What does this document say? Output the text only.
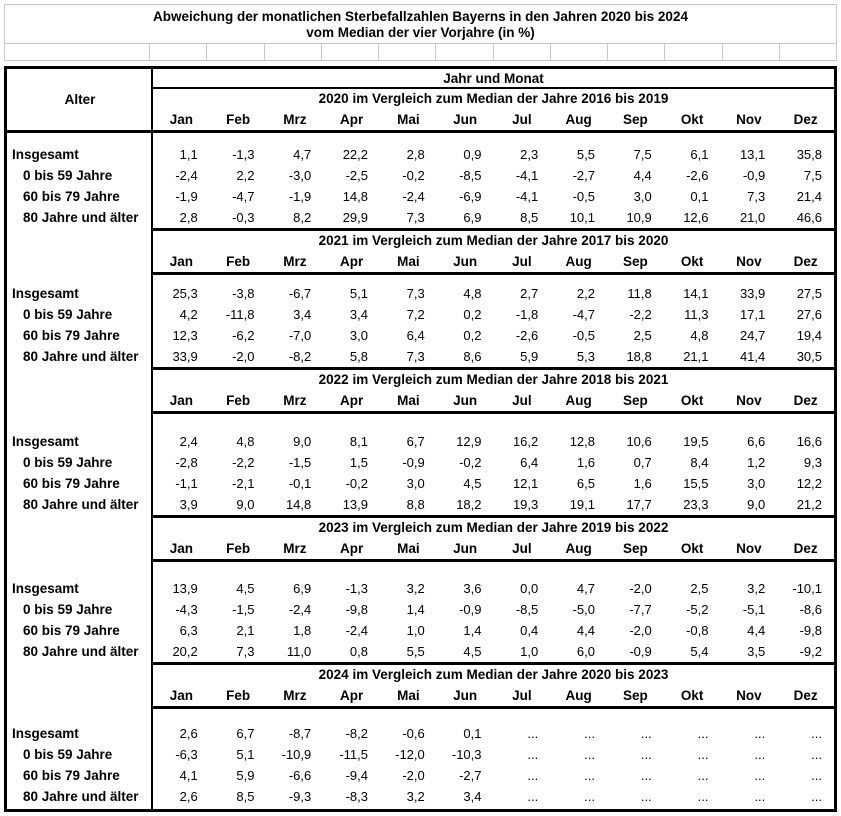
Abweichung der monatlichen Sterbefallzahlen Bayerns in den Jahren 2020 bis 2024
vom Median der vier Vorjahre (in %)
Alter
Jahr und Monat
2020 im Vergleich zum Median der Jahre 2016 bis 2019
Jan	Feb	Mrz	Apr	Mai	Jun	Jul	Aug	Sep	Okt	Nov	Dez
Insgesamt	1,1	-1,3	4,7	22,2	2,8	0,9	2,3	5,5	7,5	6,1	13,1	35,8
0 bis 59 Jahre	-2,4	2,2	-3,0	-2,5	-0,2	-8,5	-4,1	-2,7	4,4	-2,6	-0,9	7,5
60 bis 79 Jahre	-1,9	-4,7	-1,9	14,8	-2,4	-6,9	-4,1	-0,5	3,0	0,1	7,3	21,4
80 Jahre und älter	2,8	-0,3	8,2	29,9	7,3	6,9	8,5	10,1	10,9	12,6	21,0	46,6
2021 im Vergleich zum Median der Jahre 2017 bis 2020
Jan	Feb	Mrz	Apr	Mai	Jun	Jul	Aug	Sep	Okt	Nov	Dez
Insgesamt	25,3	-3,8	-6,7	5,1	7,3	4,8	2,7	2,2	11,8	14,1	33,9	27,5
0 bis 59 Jahre	4,2	-11,8	3,4	3,4	7,2	0,2	-1,8	-4,7	-2,2	11,3	17,1	27,6
60 bis 79 Jahre	12,3	-6,2	-7,0	3,0	6,4	0,2	-2,6	-0,5	2,5	4,8	24,7	19,4
80 Jahre und älter	33,9	-2,0	-8,2	5,8	7,3	8,6	5,9	5,3	18,8	21,1	41,4	30,5
2022 im Vergleich zum Median der Jahre 2018 bis 2021
Jan	Feb	Mrz	Apr	Mai	Jun	Jul	Aug	Sep	Okt	Nov	Dez
Insgesamt	2,4	4,8	9,0	8,1	6,7	12,9	16,2	12,8	10,6	19,5	6,6	16,6
0 bis 59 Jahre	-2,8	-2,2	-1,5	1,5	-0,9	-0,2	6,4	1,6	0,7	8,4	1,2	9,3
60 bis 79 Jahre	-1,1	-2,1	-0,1	-0,2	3,0	4,5	12,1	6,5	1,6	15,5	3,0	12,2
80 Jahre und älter	3,9	9,0	14,8	13,9	8,8	18,2	19,3	19,1	17,7	23,3	9,0	21,2
2023 im Vergleich zum Median der Jahre 2019 bis 2022
Jan	Feb	Mrz	Apr	Mai	Jun	Jul	Aug	Sep	Okt	Nov	Dez
Insgesamt	13,9	4,5	6,9	-1,3	3,2	3,6	0,0	4,7	-2,0	2,5	3,2	-10,1
0 bis 59 Jahre	-4,3	-1,5	-2,4	-9,8	1,4	-0,9	-8,5	-5,0	-7,7	-5,2	-5,1	-8,6
60 bis 79 Jahre	6,3	2,1	1,8	-2,4	1,0	1,4	0,4	4,4	-2,0	-0,8	4,4	-9,8
80 Jahre und älter	20,2	7,3	11,0	0,8	5,5	4,5	1,0	6,0	-0,9	5,4	3,5	-9,2
2024 im Vergleich zum Median der Jahre 2020 bis 2023
Jan	Feb	Mrz	Apr	Mai	Jun	Jul	Aug	Sep	Okt	Nov	Dez
Insgesamt	2,6	6,7	-8,7	-8,2	-0,6	0,1	...	...	...	...	...	...
0 bis 59 Jahre	-6,3	5,1	-10,9	-11,5	-12,0	-10,3	...	...	...	...	...	...
60 bis 79 Jahre	4,1	5,9	-6,6	-9,4	-2,0	-2,7	...	...	...	...	...	...
80 Jahre und älter	2,6	8,5	-9,3	-8,3	3,2	3,4	...	...	...	...	...	...
